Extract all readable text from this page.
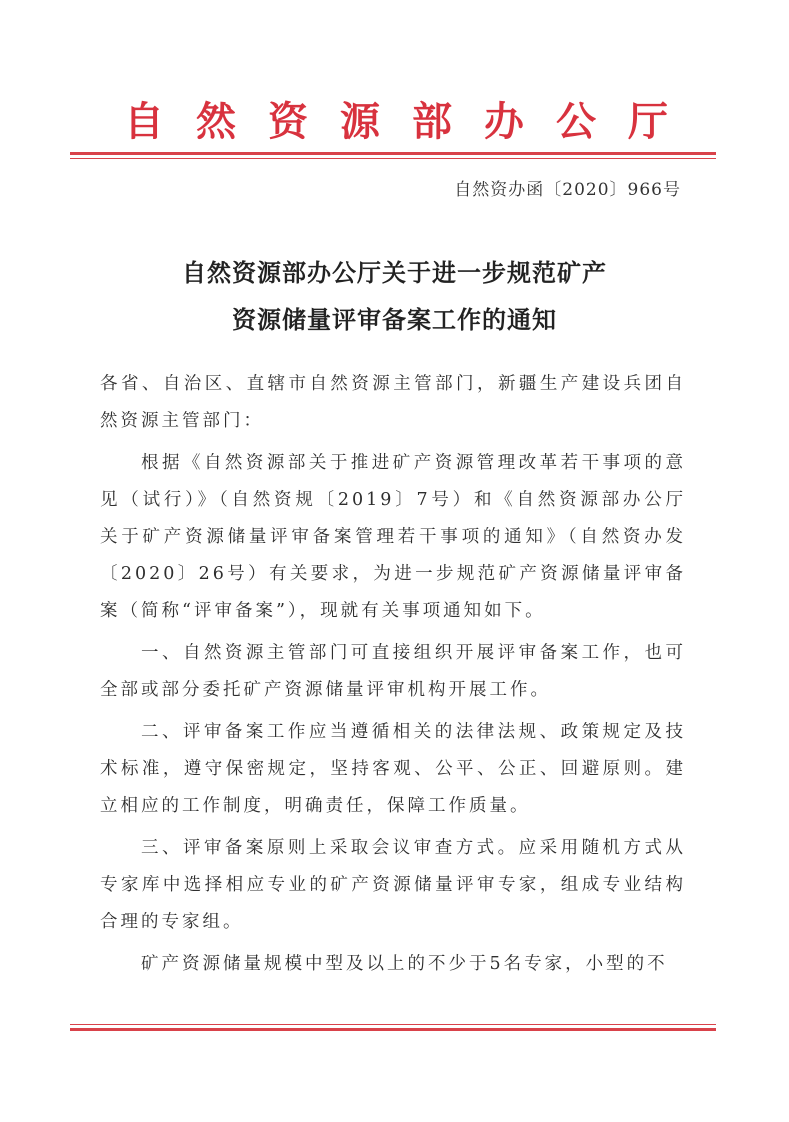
自然资源部办公厅
自然资办函〔2020〕966号
自然资源部办公厅关于进一步规范矿产
资源储量评审备案工作的通知

各省、自治区、直辖市自然资源主管部门，新疆生产建设兵团自然资源主管部门：

根据《自然资源部关于推进矿产资源管理改革若干事项的意见（试行）》（自然资规〔2019〕7号）和《自然资源部办公厅关于矿产资源储量评审备案管理若干事项的通知》（自然资办发〔2020〕26号）有关要求，为进一步规范矿产资源储量评审备案（简称“评审备案”），现就有关事项通知如下。

一、自然资源主管部门可直接组织开展评审备案工作，也可全部或部分委托矿产资源储量评审机构开展工作。

二、评审备案工作应当遵循相关的法律法规、政策规定及技术标准，遵守保密规定，坚持客观、公平、公正、回避原则。建立相应的工作制度，明确责任，保障工作质量。

三、评审备案原则上采取会议审查方式。应采用随机方式从专家库中选择相应专业的矿产资源储量评审专家，组成专业结构合理的专家组。

矿产资源储量规模中型及以上的不少于5名专家，小型的不
